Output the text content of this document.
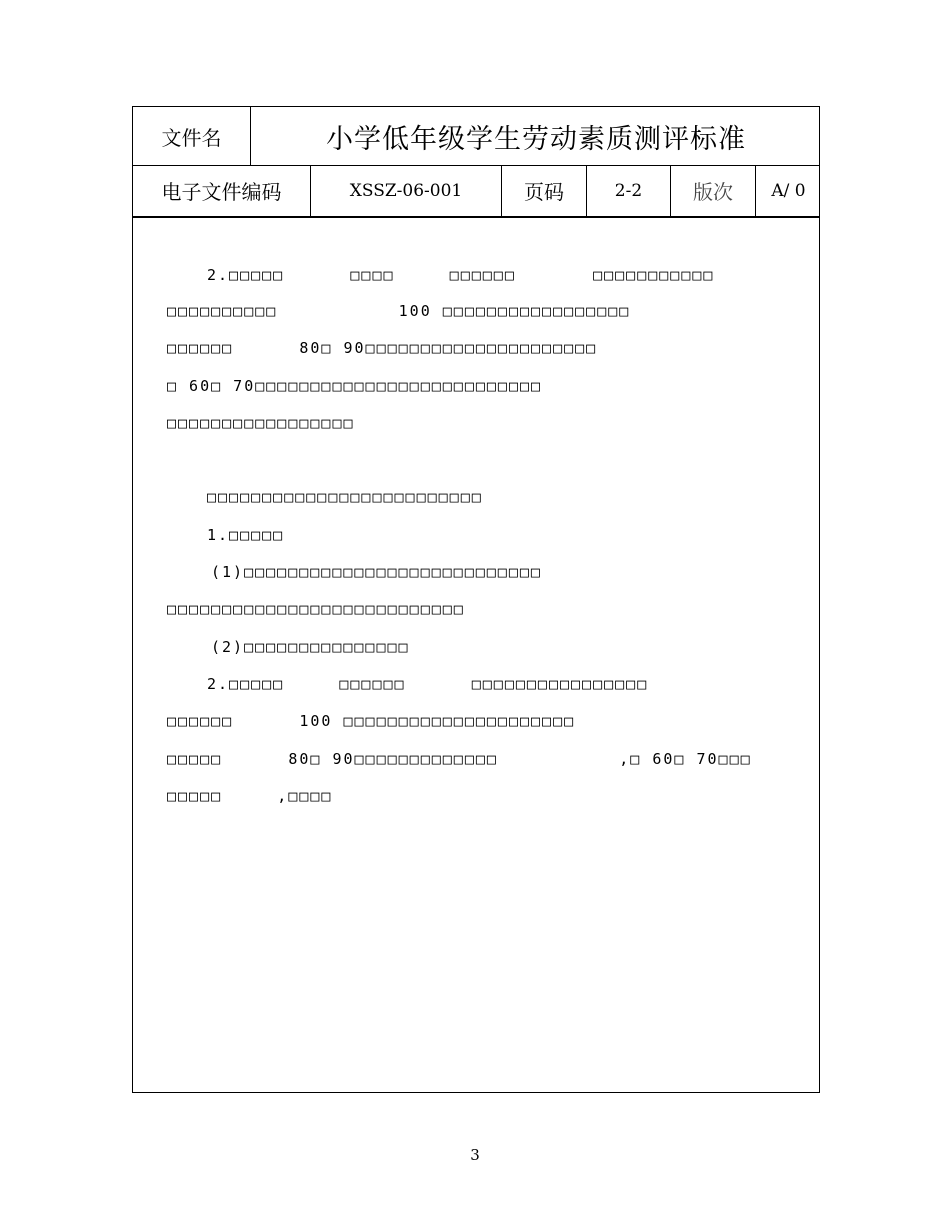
文件名	小学低年级学生劳动素质测评标准
电子文件编码	XSSZ-06-001	页码	2-2	版次	A/ 0
2.□□□□□      □□□□     □□□□□□       □□□□□□□□□□□
□□□□□□□□□□           100 □□□□□□□□□□□□□□□□□
□□□□□□      80□ 90□□□□□□□□□□□□□□□□□□□□□
□ 60□ 70□□□□□□□□□□□□□□□□□□□□□□□□□□
□□□□□□□□□□□□□□□□□
□□□□□□□□□□□□□□□□□□□□□□□□□
1.□□□□□
(1)□□□□□□□□□□□□□□□□□□□□□□□□□□□
□□□□□□□□□□□□□□□□□□□□□□□□□□□
(2)□□□□□□□□□□□□□□□
2.□□□□□     □□□□□□      □□□□□□□□□□□□□□□□
□□□□□□      100 □□□□□□□□□□□□□□□□□□□□□
□□□□□      80□ 90□□□□□□□□□□□□□           ,□ 60□ 70□□□
□□□□□     ,□□□□
3
